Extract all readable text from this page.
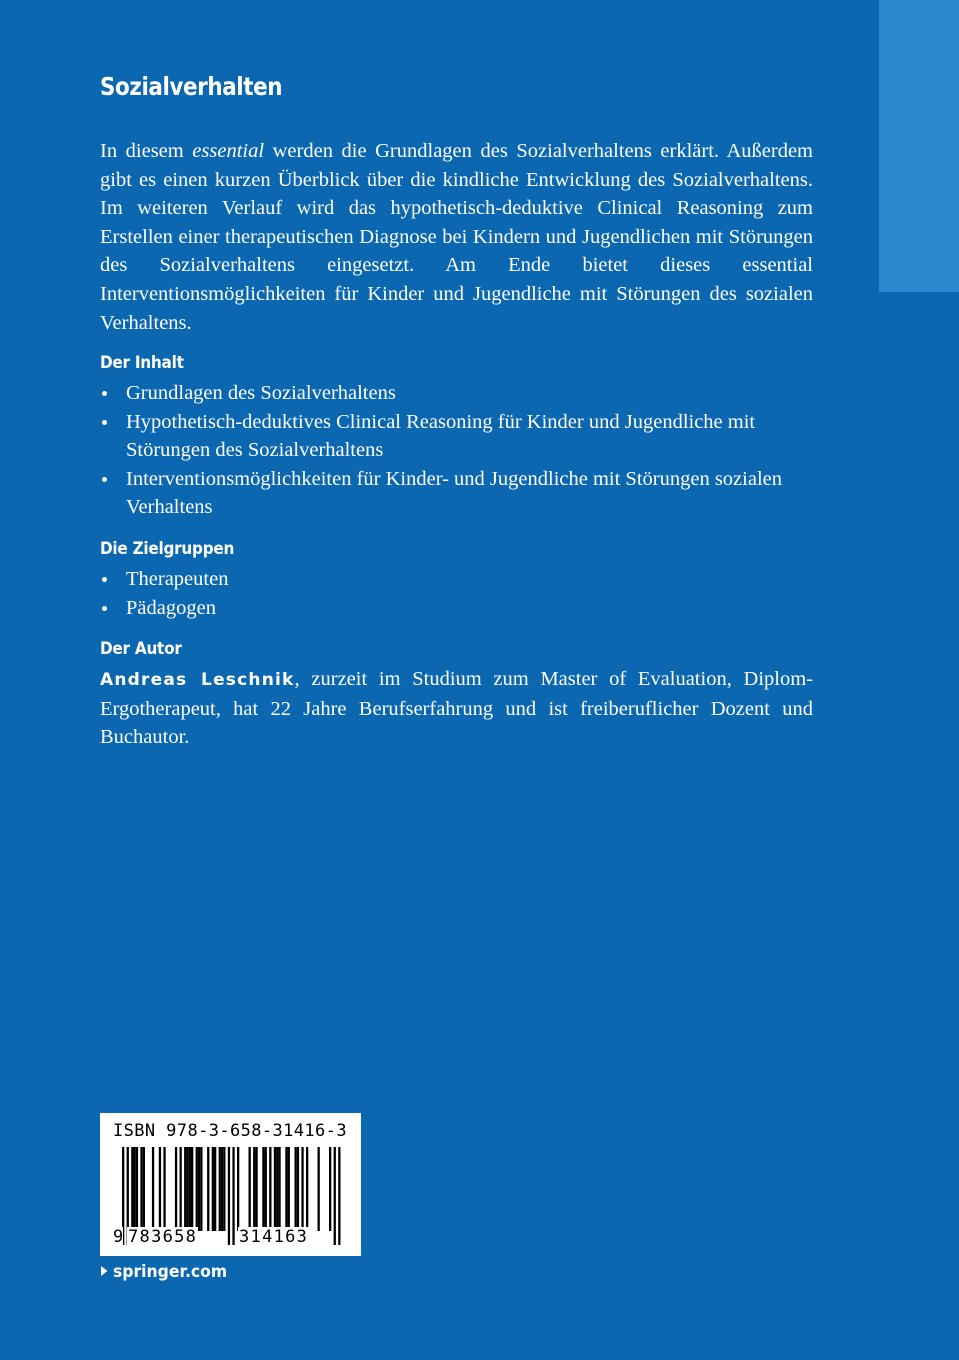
Sozialverhalten

In diesem essential werden die Grundlagen des Sozialverhaltens erklärt. Außerdem gibt es einen kurzen Überblick über die kindliche Entwicklung des Sozialverhaltens. Im weiteren Verlauf wird das hypothetisch-deduktive Clinical Reasoning zum Erstellen einer therapeutischen Diagnose bei Kindern und Jugendlichen mit Störungen des Sozialverhaltens eingesetzt. Am Ende bietet dieses essential Interventionsmöglichkeiten für Kinder und Jugendliche mit Störungen des sozialen Verhaltens.

Der Inhalt
Grundlagen des Sozialverhaltens
Hypothetisch-deduktives Clinical Reasoning für Kinder und Jugendliche mit Störungen des Sozialverhaltens
Interventionsmöglichkeiten für Kinder- und Jugendliche mit Störungen sozialen Verhaltens
Die Zielgruppen
Therapeuten
Pädagogen
Der Autor

Andreas Leschnik, zurzeit im Studium zum Master of Evaluation, Diplom-Ergotherapeut, hat 22 Jahre Berufserfahrung und ist freiberuflicher Dozent und Buchautor.

ISBN 978-3-658-31416-3
9 783658 314163
springer.com
